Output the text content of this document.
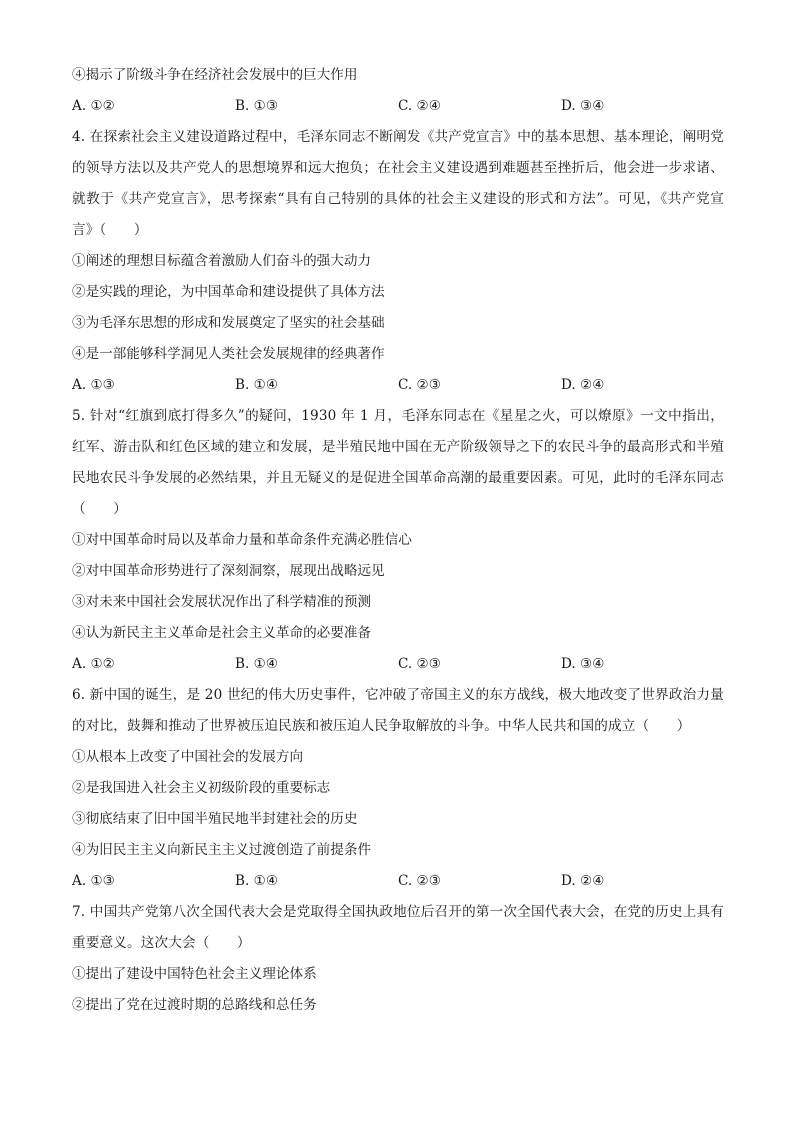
④揭示了阶级斗争在经济社会发展中的巨大作用
A. ①②	B. ①③	C. ②④	D. ③④
4. 在探索社会主义建设道路过程中，毛泽东同志不断阐发《共产党宣言》中的基本思想、基本理论，阐明党的领导方法以及共产党人的思想境界和远大抱负；在社会主义建设遇到难题甚至挫折后，他会进一步求诸、就教于《共产党宣言》，思考探索“具有自己特别的具体的社会主义建设的形式和方法”。可见，《共产党宣言》（　　）
①阐述的理想目标蕴含着激励人们奋斗的强大动力
②是实践的理论，为中国革命和建设提供了具体方法
③为毛泽东思想的形成和发展奠定了坚实的社会基础
④是一部能够科学洞见人类社会发展规律的经典著作
A. ①③	B. ①④	C. ②③	D. ②④
5. 针对“红旗到底打得多久”的疑问，1930 年 1 月，毛泽东同志在《星星之火，可以燎原》一文中指出，红军、游击队和红色区域的建立和发展，是半殖民地中国在无产阶级领导之下的农民斗争的最高形式和半殖民地农民斗争发展的必然结果，并且无疑义的是促进全国革命高潮的最重要因素。可见，此时的毛泽东同志（　　）
①对中国革命时局以及革命力量和革命条件充满必胜信心
②对中国革命形势进行了深刻洞察，展现出战略远见
③对未来中国社会发展状况作出了科学精准的预测
④认为新民主主义革命是社会主义革命的必要准备
A. ①②	B. ①④	C. ②③	D. ③④
6. 新中国的诞生，是 20 世纪的伟大历史事件，它冲破了帝国主义的东方战线，极大地改变了世界政治力量的对比，鼓舞和推动了世界被压迫民族和被压迫人民争取解放的斗争。中华人民共和国的成立（　　）
①从根本上改变了中国社会的发展方向
②是我国进入社会主义初级阶段的重要标志
③彻底结束了旧中国半殖民地半封建社会的历史
④为旧民主主义向新民主主义过渡创造了前提条件
A. ①③	B. ①④	C. ②③	D. ②④
7. 中国共产党第八次全国代表大会是党取得全国执政地位后召开的第一次全国代表大会，在党的历史上具有重要意义。这次大会（　　）
①提出了建设中国特色社会主义理论体系
②提出了党在过渡时期的总路线和总任务
